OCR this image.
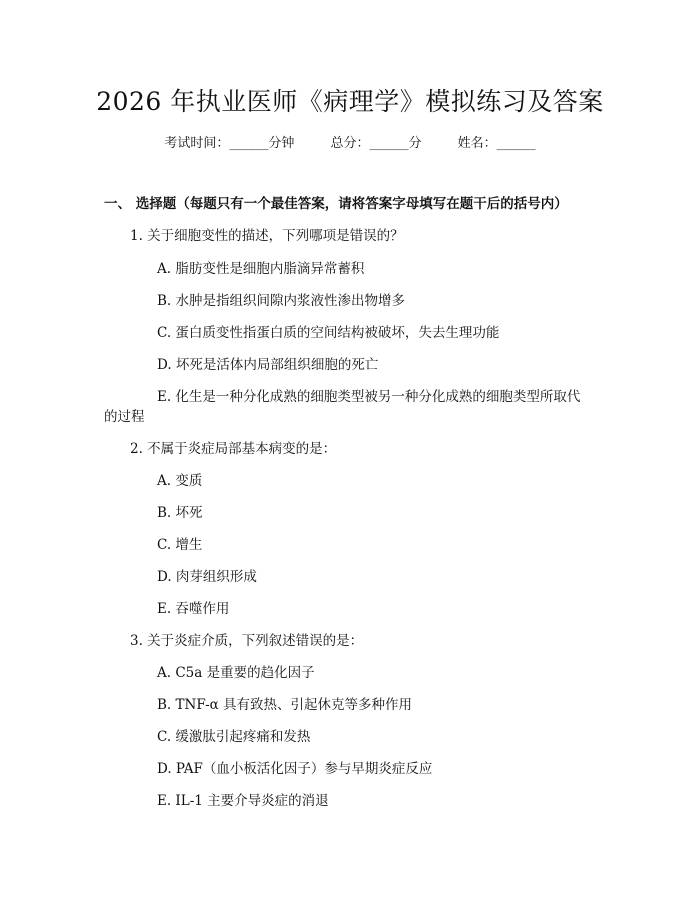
2026 年执业医师《病理学》模拟练习及答案
考试时间：______分钟	总分：______分	姓名：______
一、 选择题（每题只有一个最佳答案，请将答案字母填写在题干后的括号内）
1. 关于细胞变性的描述，下列哪项是错误的？
A. 脂肪变性是细胞内脂滴异常蓄积
B. 水肿是指组织间隙内浆液性渗出物增多
C. 蛋白质变性指蛋白质的空间结构被破坏，失去生理功能
D. 坏死是活体内局部组织细胞的死亡
E. 化生是一种分化成熟的细胞类型被另一种分化成熟的细胞类型所取代
的过程
2. 不属于炎症局部基本病变的是：
A. 变质
B. 坏死
C. 增生
D. 肉芽组织形成
E. 吞噬作用
3. 关于炎症介质，下列叙述错误的是：
A. C5a 是重要的趋化因子
B. TNF-α 具有致热、引起休克等多种作用
C. 缓激肽引起疼痛和发热
D. PAF（血小板活化因子）参与早期炎症反应
E. IL-1 主要介导炎症的消退
